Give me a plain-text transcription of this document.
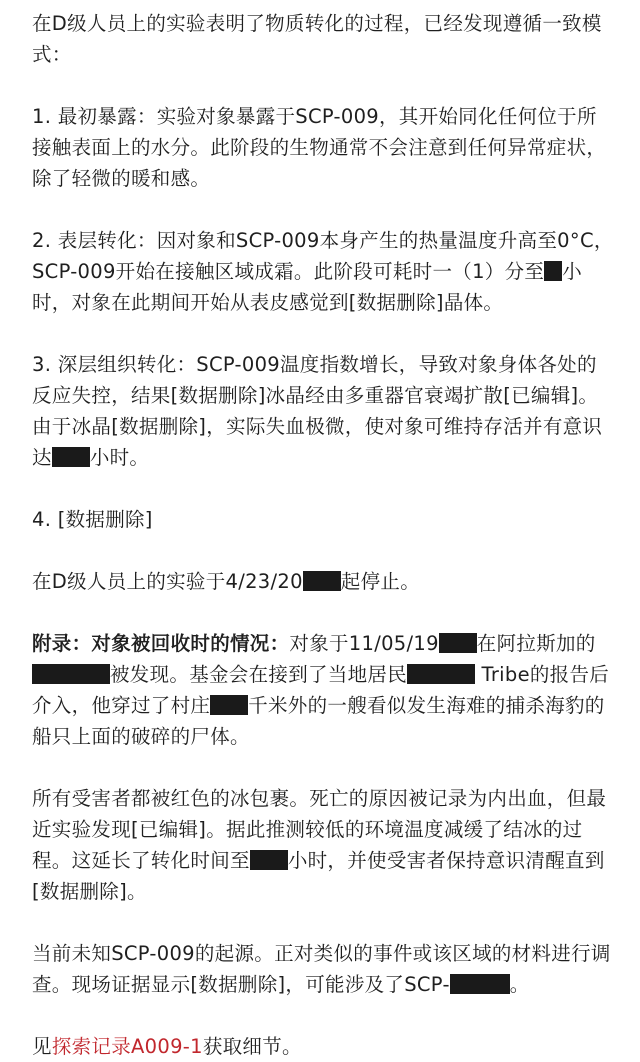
在D级人员上的实验表明了物质转化的过程，已经发现遵循一致模式：

1. 最初暴露：实验对象暴露于SCP-009，其开始同化任何位于所接触表面上的水分。此阶段的生物通常不会注意到任何异常症状，除了轻微的暖和感。

2. 表层转化：因对象和SCP-009本身产生的热量温度升高至0°C，SCP-009开始在接触区域成霜。此阶段可耗时一（1）分至 小时，对象在此期间开始从表皮感觉到[数据删除]晶体。

3. 深层组织转化：SCP-009温度指数增长，导致对象身体各处的反应失控，结果[数据删除]冰晶经由多重器官衰竭扩散[已编辑]。由于冰晶[数据删除]，实际失血极微，使对象可维持存活并有意识达 小时。

4. [数据删除]

在D级人员上的实验于4/23/20 起停止。

附录：对象被回收时的情况：对象于11/05/19 在阿拉斯加的被发现。基金会在接到了当地居民	Tribe的报告后介入，他穿过了村庄 千米外的一艘看似发生海难的捕杀海豹的船只上面的破碎的尸体。

所有受害者都被红色的冰包裹。死亡的原因被记录为内出血，但最近实验发现[已编辑]。据此推测较低的环境温度减缓了结冰的过程。这延长了转化时间至 小时，并使受害者保持意识清醒直到[数据删除]。

当前未知SCP-009的起源。正对类似的事件或该区域的材料进行调查。现场证据显示[数据删除]，可能涉及了SCP-	。

见探索记录A009-1获取细节。
